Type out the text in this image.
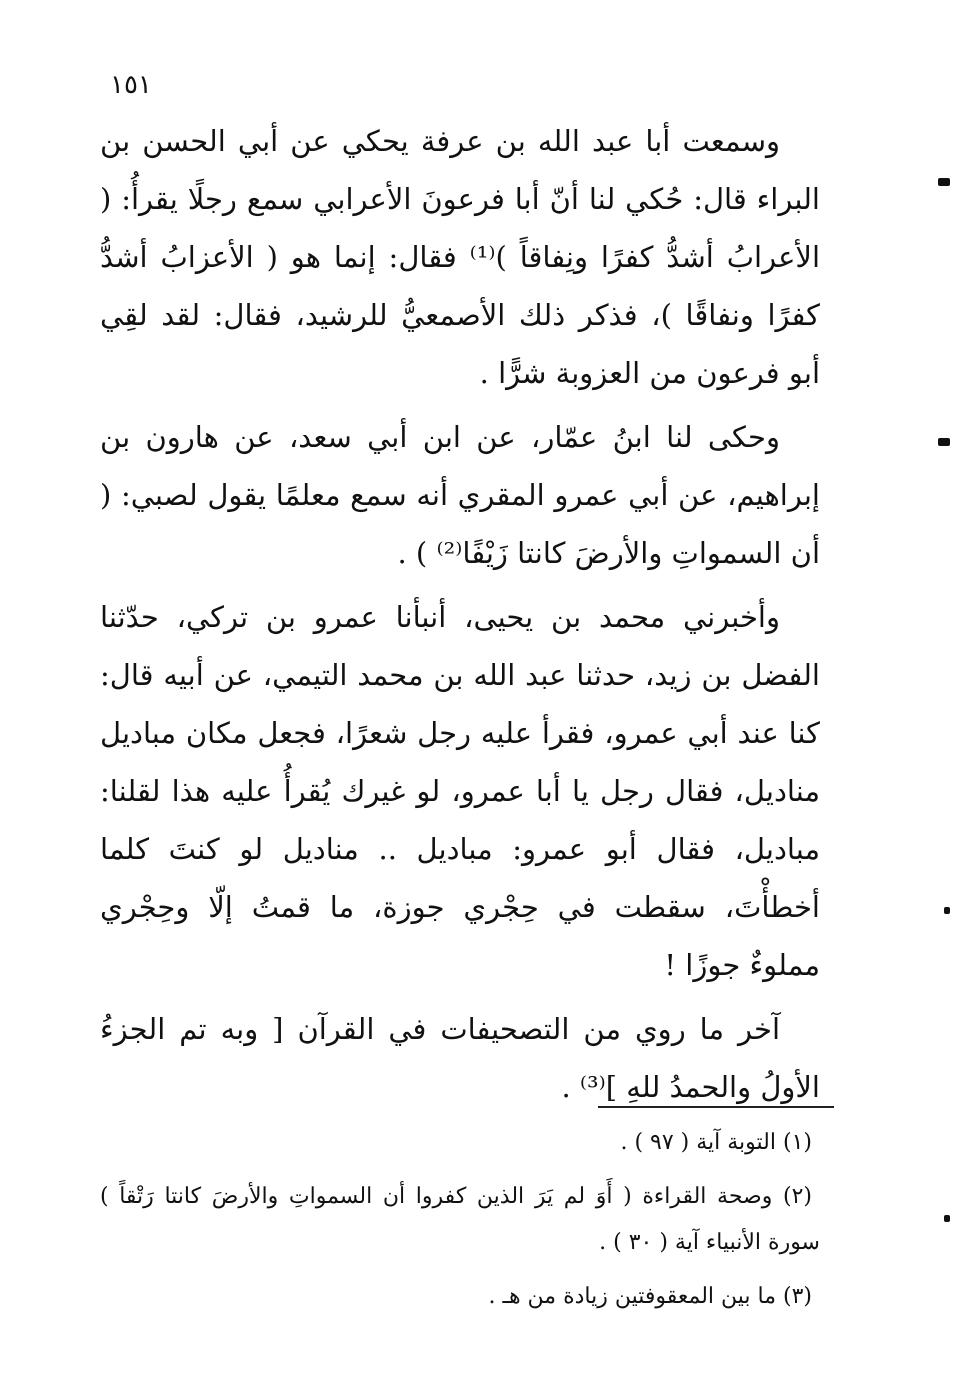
١٥١

وسمعت أبا عبد الله بن عرفة يحكي عن أبي الحسن بن البراء قال: حُكي لنا أنّ أبا فرعونَ الأعرابي سمع رجلًا يقرأُ: ( الأعرابُ أشدُّ كفرًا ونِفاقاً )⁽¹⁾ فقال: إنما هو ( الأعزابُ أشدُّ كفرًا ونفاقًا )، فذكر ذلك الأصمعيُّ للرشيد، فقال: لقد لقِي أبو فرعون من العزوبة شرًّا .

وحكى لنا ابنُ عمّار، عن ابن أبي سعد، عن هارون بن إبراهيم، عن أبي عمرو المقري أنه سمع معلمًا يقول لصبي: ( أن السمواتِ والأرضَ كانتا زَيْفًا⁽²⁾ ) .

وأخبرني محمد بن يحيى، أنبأنا عمرو بن تركي، حدّثنا الفضل بن زيد، حدثنا عبد الله بن محمد التيمي، عن أبيه قال: كنا عند أبي عمرو، فقرأ عليه رجل شعرًا، فجعل مكان مباديل مناديل، فقال رجل يا أبا عمرو، لو غيرك يُقرأُ عليه هذا لقلنا: مباديل، فقال أبو عمرو: مباديل .. مناديل لو كنتَ كلما أخطأْتَ، سقطت في حِجْري جوزة، ما قمتُ إلّا وحِجْري مملوءٌ جوزًا !

آخر ما روي من التصحيفات في القرآن [ وبه تم الجزءُ الأولُ والحمدُ للهِ ]⁽³⁾ .

(١) التوبة آية ( ٩٧ ) .

(٢) وصحة القراءة ( أَوَ لم يَرَ الذين كفروا أن السمواتِ والأرضَ كانتا رَتْقاً ) سورة الأنبياء آية ( ٣٠ ) .

(٣) ما بين المعقوفتين زيادة من هـ .
